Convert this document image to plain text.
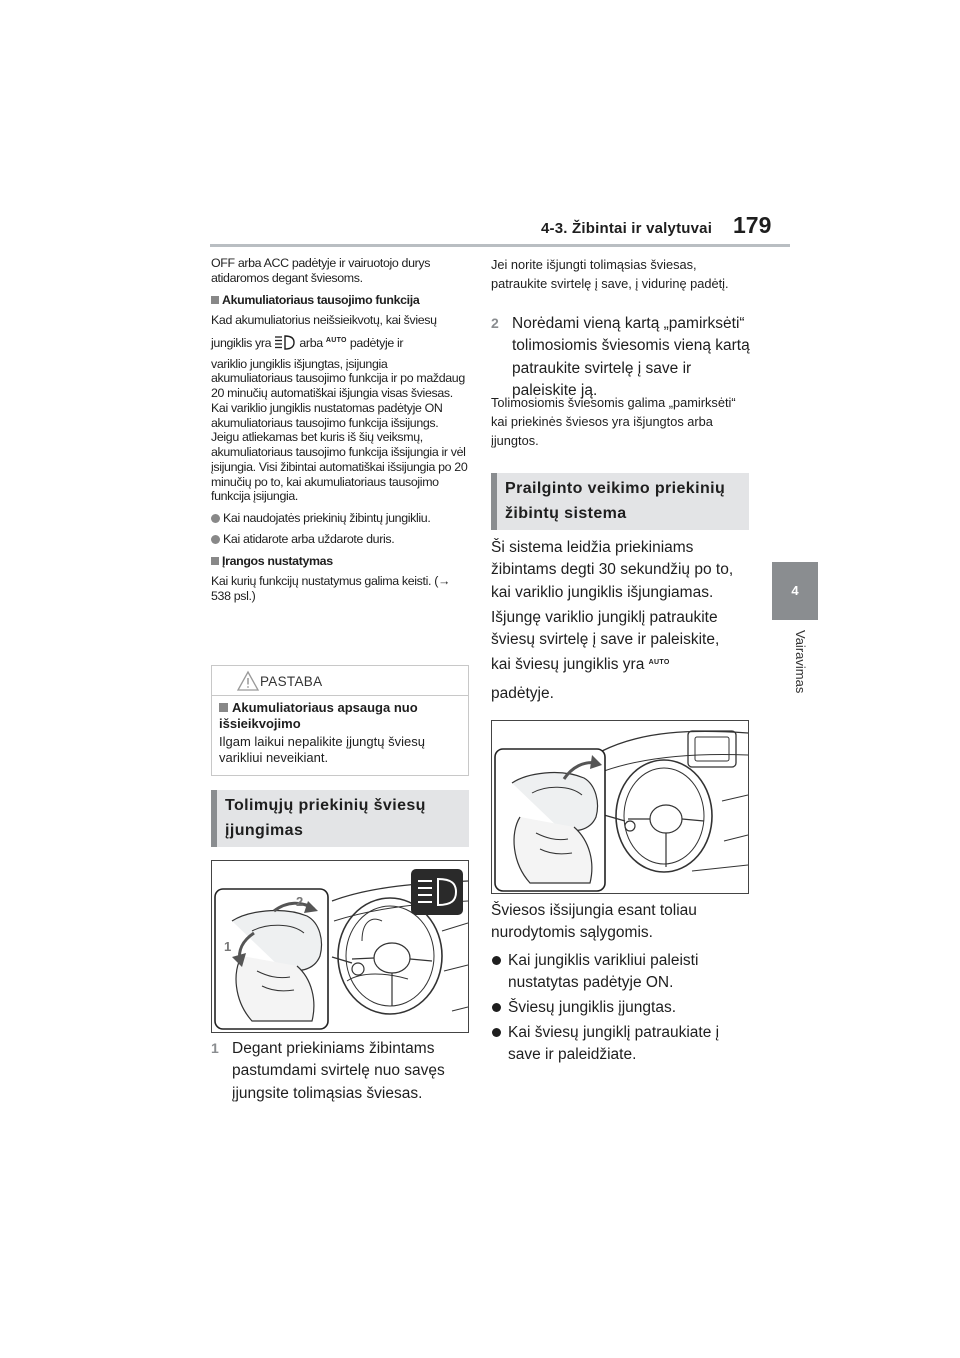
4-3. Žibintai ir valytuvai 179
4
Vairavimas
OFF arba ACC padėtyje ir vairuotojo durys atidaromos degant šviesoms.
Akumuliatoriaus tausojimo funkcija
Kad akumuliatorius neišsieikvotų, kai šviesų
jungiklis yra arba AUTO padėtyje ir
variklio jungiklis išjungtas, įsijungia akumuliatoriaus tausojimo funkcija ir po maždaug 20 minučių automatiškai išjungia visas šviesas. Kai variklio jungiklis nustatomas padėtyje ON akumuliatoriaus tausojimo funkcija išsijungs.
Jeigu atliekamas bet kuris iš šių veiksmų, akumuliatoriaus tausojimo funkcija išsijungia ir vėl įsijungia. Visi žibintai automatiškai išsijungia po 20 minučių po to, kai akumuliatoriaus tausojimo funkcija įsijungia.
Kai naudojatės priekinių žibintų jungikliu.
Kai atidarote arba uždarote duris.
Įrangos nustatymas
Kai kurių funkcijų nustatymus galima keisti. (→ 538 psl.)
PASTABA
Akumuliatoriaus apsauga nuo išsieikvojimo
Ilgam laikui nepalikite įjungtų šviesų varikliui neveikiant.
Tolimųjų priekinių šviesų
įjungimas
2
1
1 Degant priekiniams žibintams pastumdami svirtelę nuo savęs įjungsite tolimąsias šviesas.
Jei norite išjungti tolimąsias šviesas, patraukite svirtelę į save, į vidurinę padėtį.
2 Norėdami vieną kartą „pamirksėti“ tolimosiomis šviesomis vieną kartą patraukite svirtelę į save ir paleiskite ją.
Tolimosiomis šviesomis galima „pamirksėti“ kai priekinės šviesos yra išjungtos arba įjungtos.
Prailginto veikimo priekinių
žibintų sistema
Ši sistema leidžia priekiniams žibintams degti 30 sekundžių po to, kai variklio jungiklis išjungiamas.
Išjungę variklio jungiklį patraukite šviesų svirtelę į save ir paleiskite,
kai šviesų jungiklis yra AUTO
padėtyje.
Šviesos išsijungia esant toliau nurodytomis sąlygomis.
Kai jungiklis varikliui paleisti nustatytas padėtyje ON.
Šviesų jungiklis įjungtas.
Kai šviesų jungiklį patraukiate į save ir paleidžiate.
